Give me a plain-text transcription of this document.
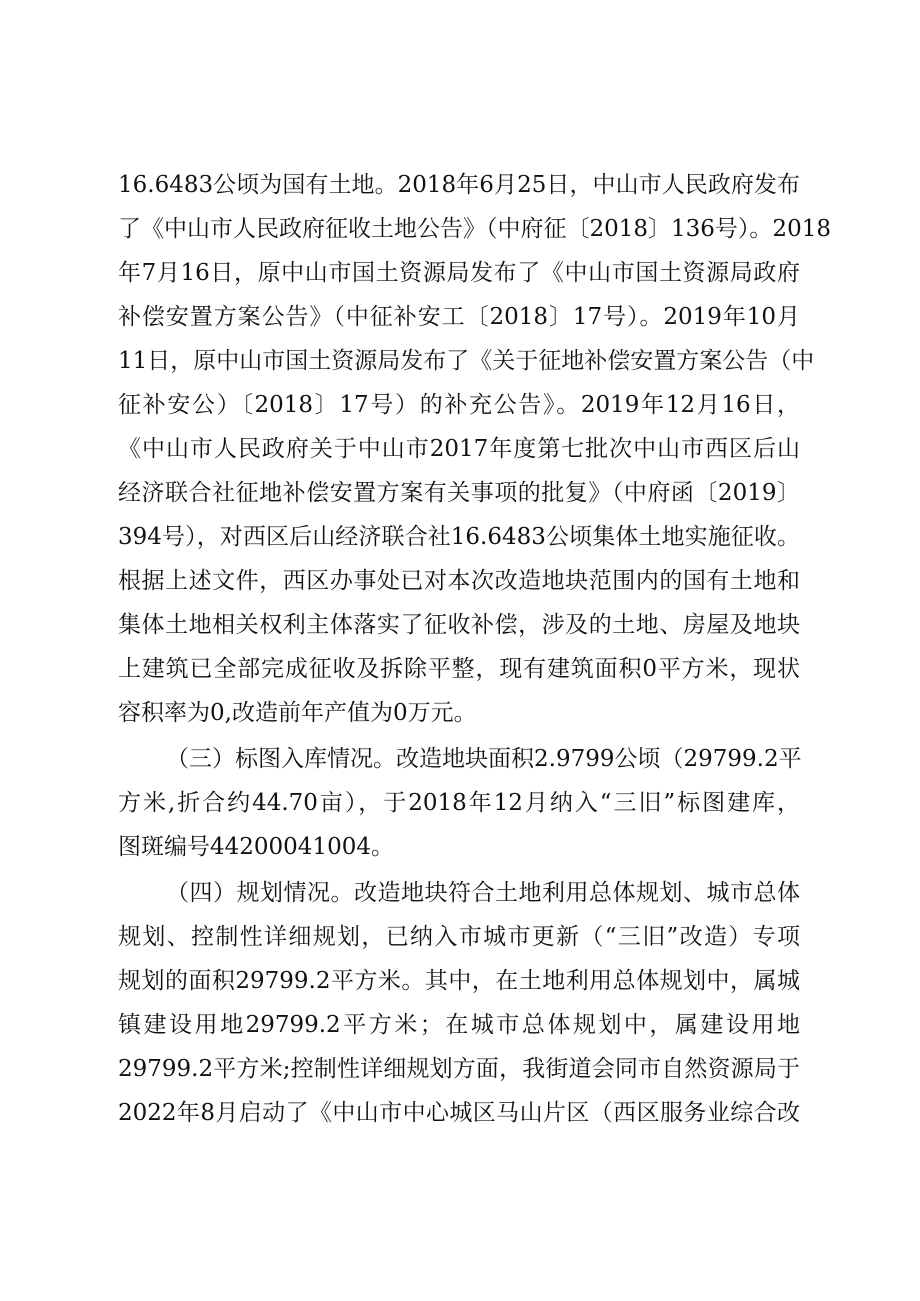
16.6483公顷为国有土地。2018年6月25日，中山市人民政府发布

了《中山市人民政府征收土地公告》（中府征〔2018〕136号）。2018

年7月16日，原中山市国土资源局发布了《中山市国土资源局政府

补偿安置方案公告》（中征补安工〔2018〕17号）。2019年10月

11日，原中山市国土资源局发布了《关于征地补偿安置方案公告（中

征补安公）〔2018〕17号）的补充公告》。2019年12月16日，

《中山市人民政府关于中山市2017年度第七批次中山市西区后山

经济联合社征地补偿安置方案有关事项的批复》（中府函〔2019〕

394号），对西区后山经济联合社16.6483公顷集体土地实施征收。

根据上述文件，西区办事处已对本次改造地块范围内的国有土地和

集体土地相关权利主体落实了征收补偿，涉及的土地、房屋及地块

上建筑已全部完成征收及拆除平整，现有建筑面积0平方米，现状

容积率为0,改造前年产值为0万元。

（三）标图入库情况。改造地块面积2.9799公顷（29799.2平

方米,折合约44.70亩），于2018年12月纳入“三旧”标图建库，

图斑编号44200041004。

（四）规划情况。改造地块符合土地利用总体规划、城市总体

规划、控制性详细规划，已纳入市城市更新（“三旧”改造）专项

规划的面积29799.2平方米。其中，在土地利用总体规划中，属城

镇建设用地29799.2平方米；在城市总体规划中，属建设用地

29799.2平方米;控制性详细规划方面，我街道会同市自然资源局于

2022年8月启动了《中山市中心城区马山片区（西区服务业综合改
